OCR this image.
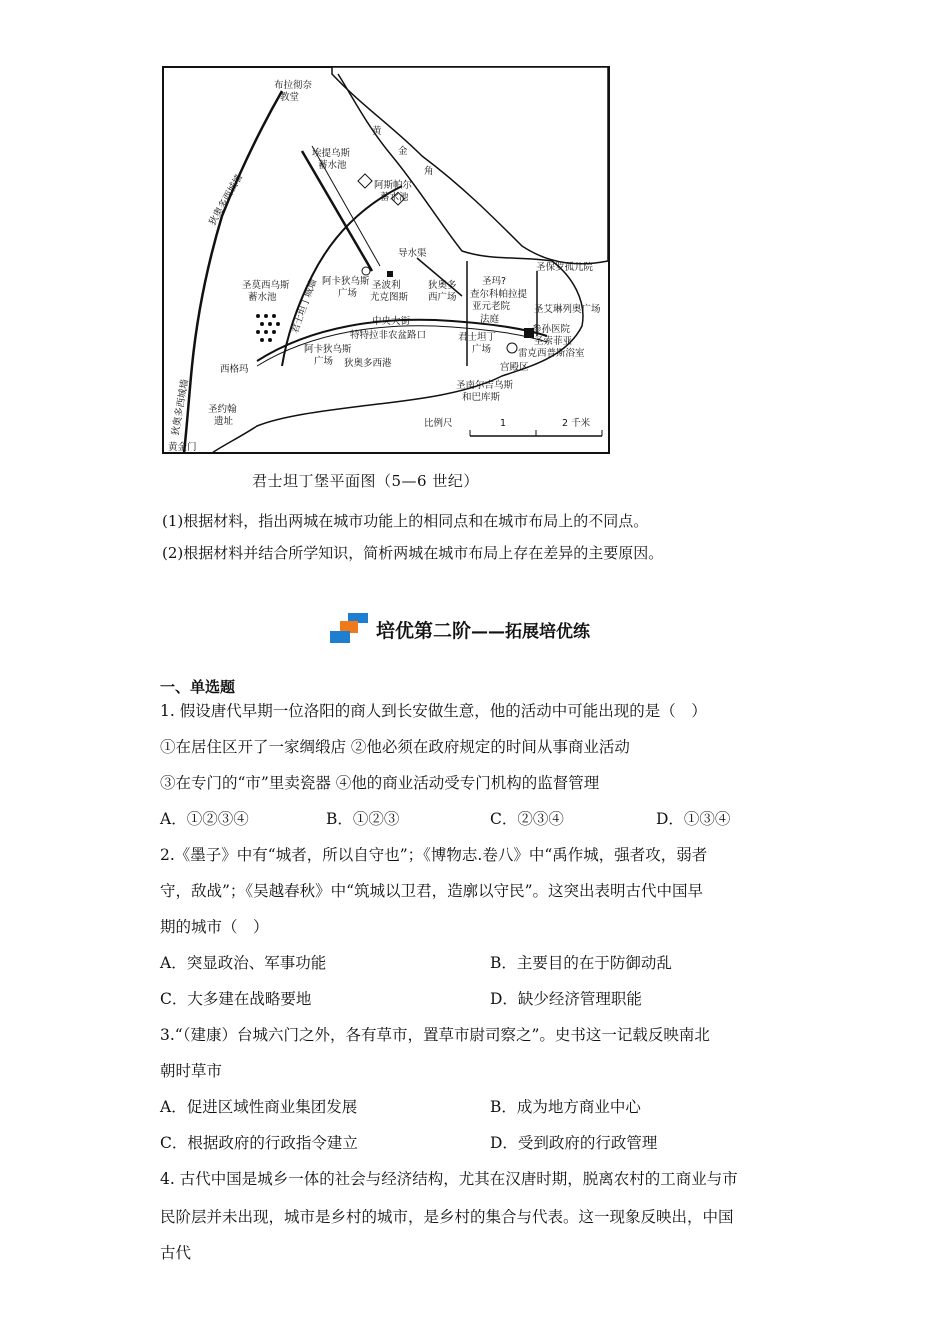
布拉彻奈
教堂
埃提乌斯
蓄水池
阿斯帕尔
蓄水池
黄
金
角
狄奥多西城墙
君士坦丁城墙
圣莫西乌斯
蓄水池
导水渠
阿卡狄乌斯
广场
圣波利
尤克图斯
狄奥多
西广场
圣玛?
查尔科帕拉提
亚元老院
法庭
圣保罗孤儿院
圣艾琳列奥广场
参孙医院
圣索菲亚
雷克西普斯浴室
宫殿区
中央大街
特特拉非农盆路口	君士坦丁
广场
阿卡狄乌斯
广场 狄奥多西港
西格玛
圣约翰
遗址
黄金门
圣南尔吉乌斯
和巴库斯
狄奥多西城墙	比例尺	1	2 千米
君士坦丁堡平面图（5—6 世纪）
(1)根据材料，指出两城在城市功能上的相同点和在城市布局上的不同点。
(2)根据材料并结合所学知识，简析两城在城市布局上存在差异的主要原因。
培优第二阶 ——拓展培优练
一、单选题
1. 假设唐代早期一位洛阳的商人到长安做生意，他的活动中可能出现的是（　）
①在居住区开了一家绸缎店 ②他必须在政府规定的时间从事商业活动
③在专门的“市”里卖瓷器 ④他的商业活动受专门机构的监督管理
A．①②③④	B．①②③	C．②③④	D．①③④
2.《墨子》中有“城者，所以自守也”；《博物志.卷八》中“禹作城，强者攻，弱者
守，敌战”；《吴越春秋》中“筑城以卫君，造廓以守民”。这突出表明古代中国早
期的城市（　）
A．突显政治、军事功能	B．主要目的在于防御动乱
C．大多建在战略要地	D．缺少经济管理职能
3.“（建康）台城六门之外，各有草市，置草市尉司察之”。史书这一记载反映南北
朝时草市
A．促进区域性商业集团发展	B．成为地方商业中心
C．根据政府的行政指令建立	D．受到政府的行政管理
4. 古代中国是城乡一体的社会与经济结构，尤其在汉唐时期，脱离农村的工商业与市
民阶层并未出现，城市是乡村的城市，是乡村的集合与代表。这一现象反映出，中国
古代
